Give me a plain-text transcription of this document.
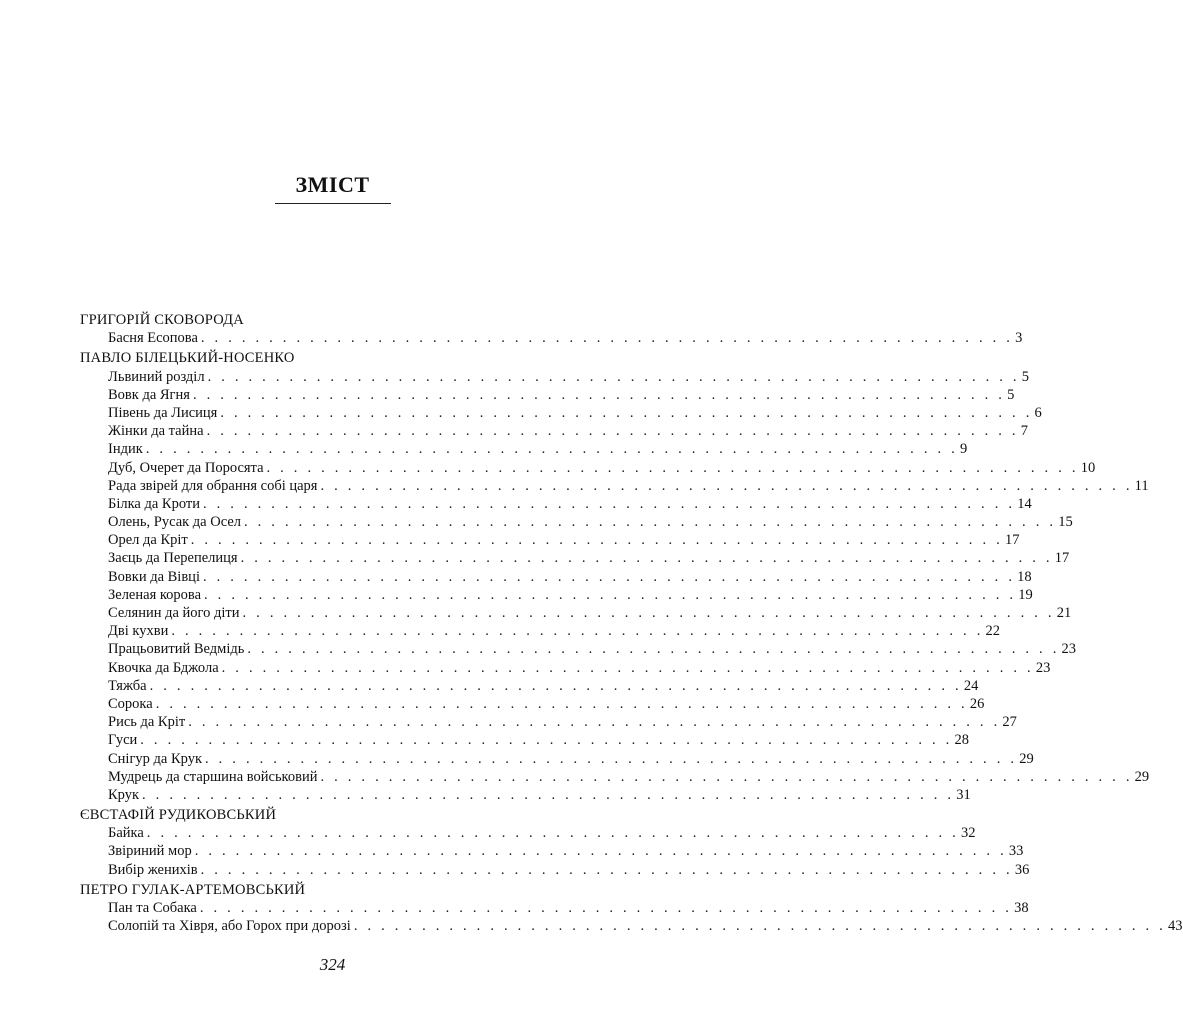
ЗМІСТ
ГРИГОРІЙ СКОВОРОДА
Басня Есопова . . . . . . . . . . . . . . . . . . . . . . . . . . . . . . . . . . . . . . . . . . . . . . . . . . . . . . . . . . . . 3
ПАВЛО БІЛЕЦЬКИЙ-НОСЕНКО
Львиний розділ . . . . . . . . . . . . . . . . . . . . . . . . . . . . . . . . . . . . . . . . . . . . . . . . . . . . . . . . . . . . 5
Вовк да Ягня . . . . . . . . . . . . . . . . . . . . . . . . . . . . . . . . . . . . . . . . . . . . . . . . . . . . . . . . . . . . 5
Півень да Лисиця . . . . . . . . . . . . . . . . . . . . . . . . . . . . . . . . . . . . . . . . . . . . . . . . . . . . . . . . . . . . 6
Жінки да тайна . . . . . . . . . . . . . . . . . . . . . . . . . . . . . . . . . . . . . . . . . . . . . . . . . . . . . . . . . . . . 7
Індик . . . . . . . . . . . . . . . . . . . . . . . . . . . . . . . . . . . . . . . . . . . . . . . . . . . . . . . . . . . . 9
Дуб, Очерет да Поросята . . . . . . . . . . . . . . . . . . . . . . . . . . . . . . . . . . . . . . . . . . . . . . . . . . . . . . . . . . . . 10
Рада звірей для обрання собі царя . . . . . . . . . . . . . . . . . . . . . . . . . . . . . . . . . . . . . . . . . . . . . . . . . . . . . . . . . . . . 11
Білка да Кроти . . . . . . . . . . . . . . . . . . . . . . . . . . . . . . . . . . . . . . . . . . . . . . . . . . . . . . . . . . . . 14
Олень, Русак да Осел . . . . . . . . . . . . . . . . . . . . . . . . . . . . . . . . . . . . . . . . . . . . . . . . . . . . . . . . . . . . 15
Орел да Кріт . . . . . . . . . . . . . . . . . . . . . . . . . . . . . . . . . . . . . . . . . . . . . . . . . . . . . . . . . . . . 17
Заєць да Перепелиця . . . . . . . . . . . . . . . . . . . . . . . . . . . . . . . . . . . . . . . . . . . . . . . . . . . . . . . . . . . . 17
Вовки да Вівці . . . . . . . . . . . . . . . . . . . . . . . . . . . . . . . . . . . . . . . . . . . . . . . . . . . . . . . . . . . . 18
Зеленая корова . . . . . . . . . . . . . . . . . . . . . . . . . . . . . . . . . . . . . . . . . . . . . . . . . . . . . . . . . . . . 19
Селянин да його діти . . . . . . . . . . . . . . . . . . . . . . . . . . . . . . . . . . . . . . . . . . . . . . . . . . . . . . . . . . . . 21
Дві кухви . . . . . . . . . . . . . . . . . . . . . . . . . . . . . . . . . . . . . . . . . . . . . . . . . . . . . . . . . . . . 22
Працьовитий Ведмідь . . . . . . . . . . . . . . . . . . . . . . . . . . . . . . . . . . . . . . . . . . . . . . . . . . . . . . . . . . . . 23
Квочка да Бджола . . . . . . . . . . . . . . . . . . . . . . . . . . . . . . . . . . . . . . . . . . . . . . . . . . . . . . . . . . . . 23
Тяжба . . . . . . . . . . . . . . . . . . . . . . . . . . . . . . . . . . . . . . . . . . . . . . . . . . . . . . . . . . . . 24
Сорока . . . . . . . . . . . . . . . . . . . . . . . . . . . . . . . . . . . . . . . . . . . . . . . . . . . . . . . . . . . . 26
Рись да Кріт . . . . . . . . . . . . . . . . . . . . . . . . . . . . . . . . . . . . . . . . . . . . . . . . . . . . . . . . . . . . 27
Гуси . . . . . . . . . . . . . . . . . . . . . . . . . . . . . . . . . . . . . . . . . . . . . . . . . . . . . . . . . . . . 28
Снігур да Крук . . . . . . . . . . . . . . . . . . . . . . . . . . . . . . . . . . . . . . . . . . . . . . . . . . . . . . . . . . . . 29
Мудрець да старшина войськовий . . . . . . . . . . . . . . . . . . . . . . . . . . . . . . . . . . . . . . . . . . . . . . . . . . . . . . . . . . . . 29
Крук . . . . . . . . . . . . . . . . . . . . . . . . . . . . . . . . . . . . . . . . . . . . . . . . . . . . . . . . . . . . 31
ЄВСТАФІЙ РУДИКОВСЬКИЙ
Байка . . . . . . . . . . . . . . . . . . . . . . . . . . . . . . . . . . . . . . . . . . . . . . . . . . . . . . . . . . . . 32
Звіриний мор . . . . . . . . . . . . . . . . . . . . . . . . . . . . . . . . . . . . . . . . . . . . . . . . . . . . . . . . . . . . 33
Вибір женихів . . . . . . . . . . . . . . . . . . . . . . . . . . . . . . . . . . . . . . . . . . . . . . . . . . . . . . . . . . . . 36
ПЕТРО ГУЛАК-АРТЕМОВСЬКИЙ
Пан та Собака . . . . . . . . . . . . . . . . . . . . . . . . . . . . . . . . . . . . . . . . . . . . . . . . . . . . . . . . . . . . 38
Солопій та Хівря, або Горох при дорозі . . . . . . . . . . . . . . . . . . . . . . . . . . . . . . . . . . . . . . . . . . . . . . . . . . . . . . . . . . . . 43
324
